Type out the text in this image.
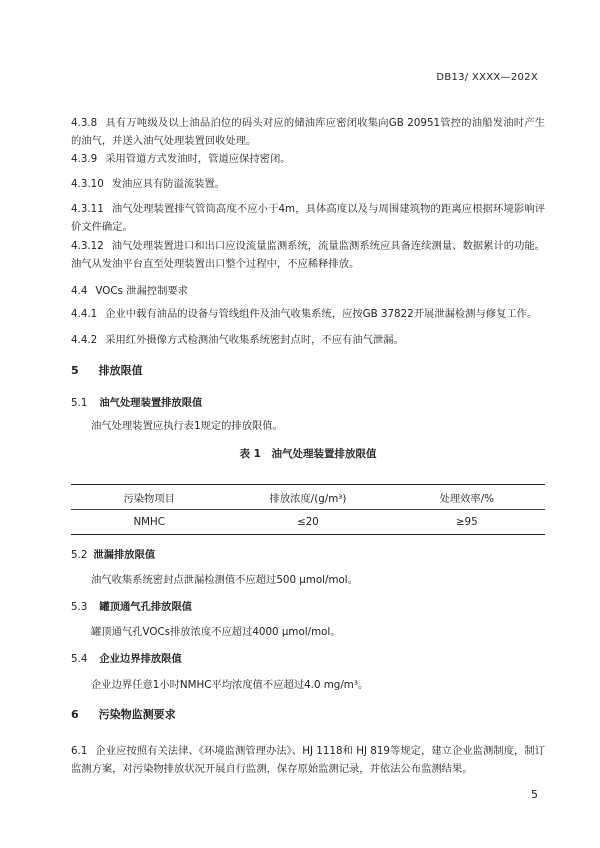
DB13/ XXXX—202X

4.3.8 具有万吨级及以上油品泊位的码头对应的储油库应密闭收集向GB 20951管控的油船发油时产生的油气，并送入油气处理装置回收处理。

4.3.9 采用管道方式发油时，管道应保持密闭。

4.3.10 发油应具有防溢流装置。

4.3.11 油气处理装置排气管筒高度不应小于4m，具体高度以及与周围建筑物的距离应根据环境影响评价文件确定。

4.3.12 油气处理装置进口和出口应设流量监测系统，流量监测系统应具备连续测量、数据累计的功能。油气从发油平台直至处理装置出口整个过程中，不应稀释排放。

4.4 VOCs 泄漏控制要求

4.4.1 企业中载有油品的设备与管线组件及油气收集系统，应按GB 37822开展泄漏检测与修复工作。

4.4.2 采用红外摄像方式检测油气收集系统密封点时，不应有油气泄漏。

5 排放限值

5.1 油气处理装置排放限值

油气处理装置应执行表1规定的排放限值。

表 1　油气处理装置排放限值
污染物项目	排放浓度/(g/m³)	处理效率/%
NMHC	≤20	≥95

5.2 泄漏排放限值

油气收集系统密封点泄漏检测值不应超过500 μmol/mol。

5.3 罐顶通气孔排放限值

罐顶通气孔VOCs排放浓度不应超过4000 μmol/mol。

5.4 企业边界排放限值

企业边界任意1小时NMHC平均浓度值不应超过4.0 mg/m³。

6 污染物监测要求

6.1 企业应按照有关法律、《环境监测管理办法》、HJ 1118和 HJ 819等规定，建立企业监测制度，制订监测方案，对污染物排放状况开展自行监测，保存原始监测记录，并依法公布监测结果。

5
